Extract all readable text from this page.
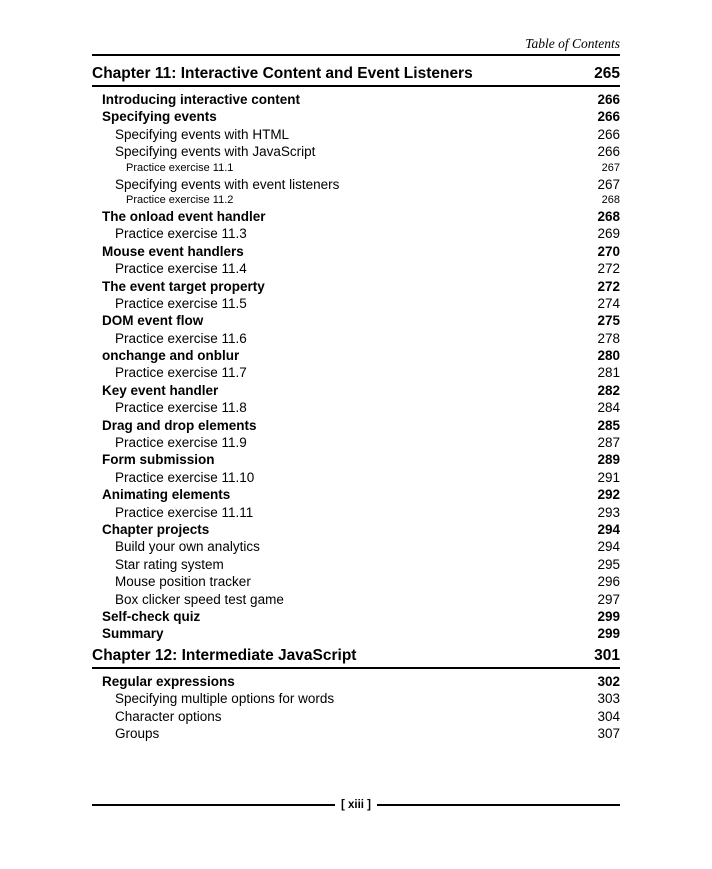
Table of Contents
Chapter 11: Interactive Content and Event Listeners	265
Introducing interactive content	266
Specifying events	266
Specifying events with HTML	266
Specifying events with JavaScript	266
Practice exercise 11.1	267
Specifying events with event listeners	267
Practice exercise 11.2	268
The onload event handler	268
Practice exercise 11.3	269
Mouse event handlers	270
Practice exercise 11.4	272
The event target property	272
Practice exercise 11.5	274
DOM event flow	275
Practice exercise 11.6	278
onchange and onblur	280
Practice exercise 11.7	281
Key event handler	282
Practice exercise 11.8	284
Drag and drop elements	285
Practice exercise 11.9	287
Form submission	289
Practice exercise 11.10	291
Animating elements	292
Practice exercise 11.11	293
Chapter projects	294
Build your own analytics	294
Star rating system	295
Mouse position tracker	296
Box clicker speed test game	297
Self-check quiz	299
Summary	299
Chapter 12: Intermediate JavaScript	301
Regular expressions	302
Specifying multiple options for words	303
Character options	304
Groups	307
[ xiii ]
